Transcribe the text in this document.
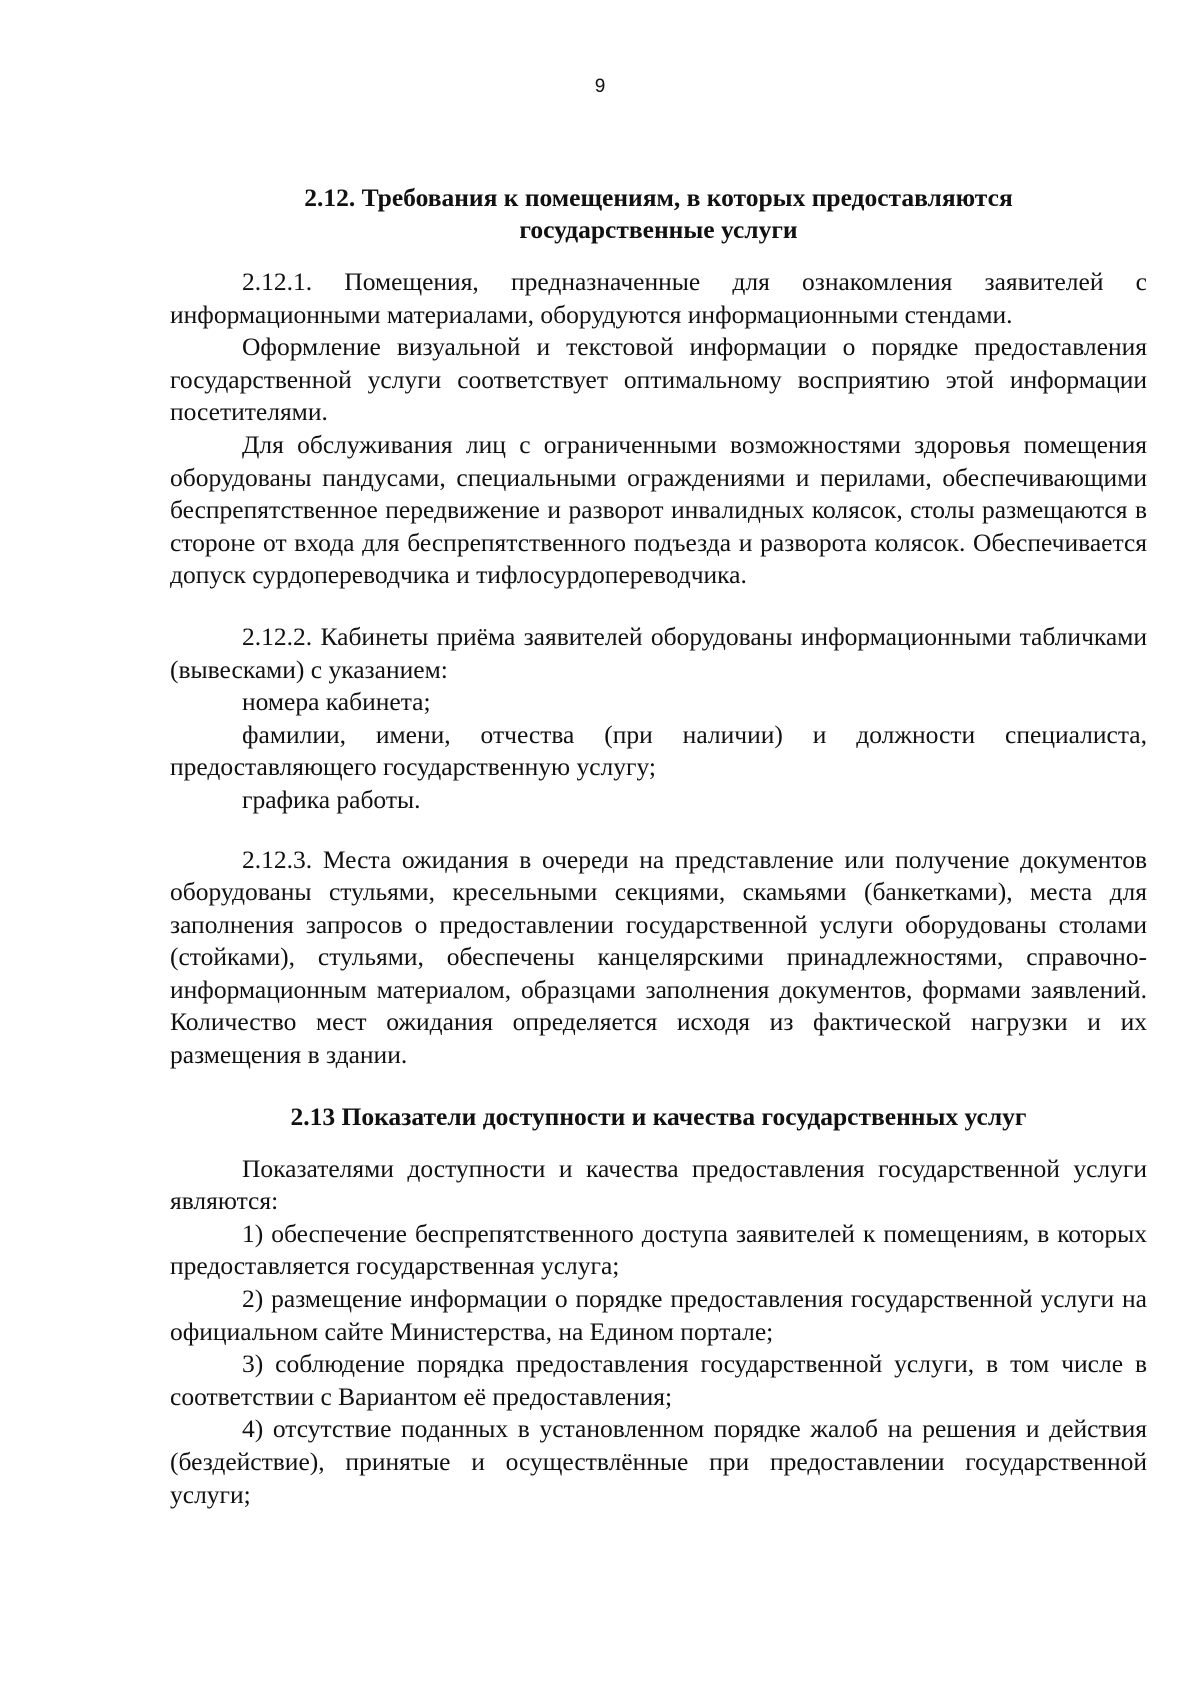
9
2.12. Требования к помещениям, в которых предоставляются
государственные услуги

2.12.1. Помещения, предназначенные для ознакомления заявителей с информационными материалами, оборудуются информационными стендами.

Оформление визуальной и текстовой информации о порядке предоставления государственной услуги соответствует оптимальному восприятию этой информации посетителями.

Для обслуживания лиц с ограниченными возможностями здоровья помещения оборудованы пандусами, специальными ограждениями и перилами, обеспечивающими беспрепятственное передвижение и разворот инвалидных колясок, столы размещаются в стороне от входа для беспрепятственного подъезда и разворота колясок. Обеспечивается допуск сурдопереводчика и тифлосурдопереводчика.

2.12.2. Кабинеты приёма заявителей оборудованы информационными табличками (вывесками) с указанием:

номера кабинета;

фамилии, имени, отчества (при наличии) и должности специалиста, предоставляющего государственную услугу;

графика работы.

2.12.3. Места ожидания в очереди на представление или получение документов оборудованы стульями, кресельными секциями, скамьями (банкетками), места для заполнения запросов о предоставлении государственной услуги оборудованы столами (стойками), стульями, обеспечены канцелярскими принадлежностями, справочно-информационным материалом, образцами заполнения документов, формами заявлений. Количество мест ожидания определяется исходя из фактической нагрузки и их размещения в здании.

2.13 Показатели доступности и качества государственных услуг

Показателями доступности и качества предоставления государственной услуги являются:

1) обеспечение беспрепятственного доступа заявителей к помещениям, в которых предоставляется государственная услуга;

2) размещение информации о порядке предоставления государственной услуги на официальном сайте Министерства, на Едином портале;

3) соблюдение порядка предоставления государственной услуги, в том числе в соответствии с Вариантом её предоставления;

4) отсутствие поданных в установленном порядке жалоб на решения и действия (бездействие), принятые и осуществлённые при предоставлении государственной услуги;
